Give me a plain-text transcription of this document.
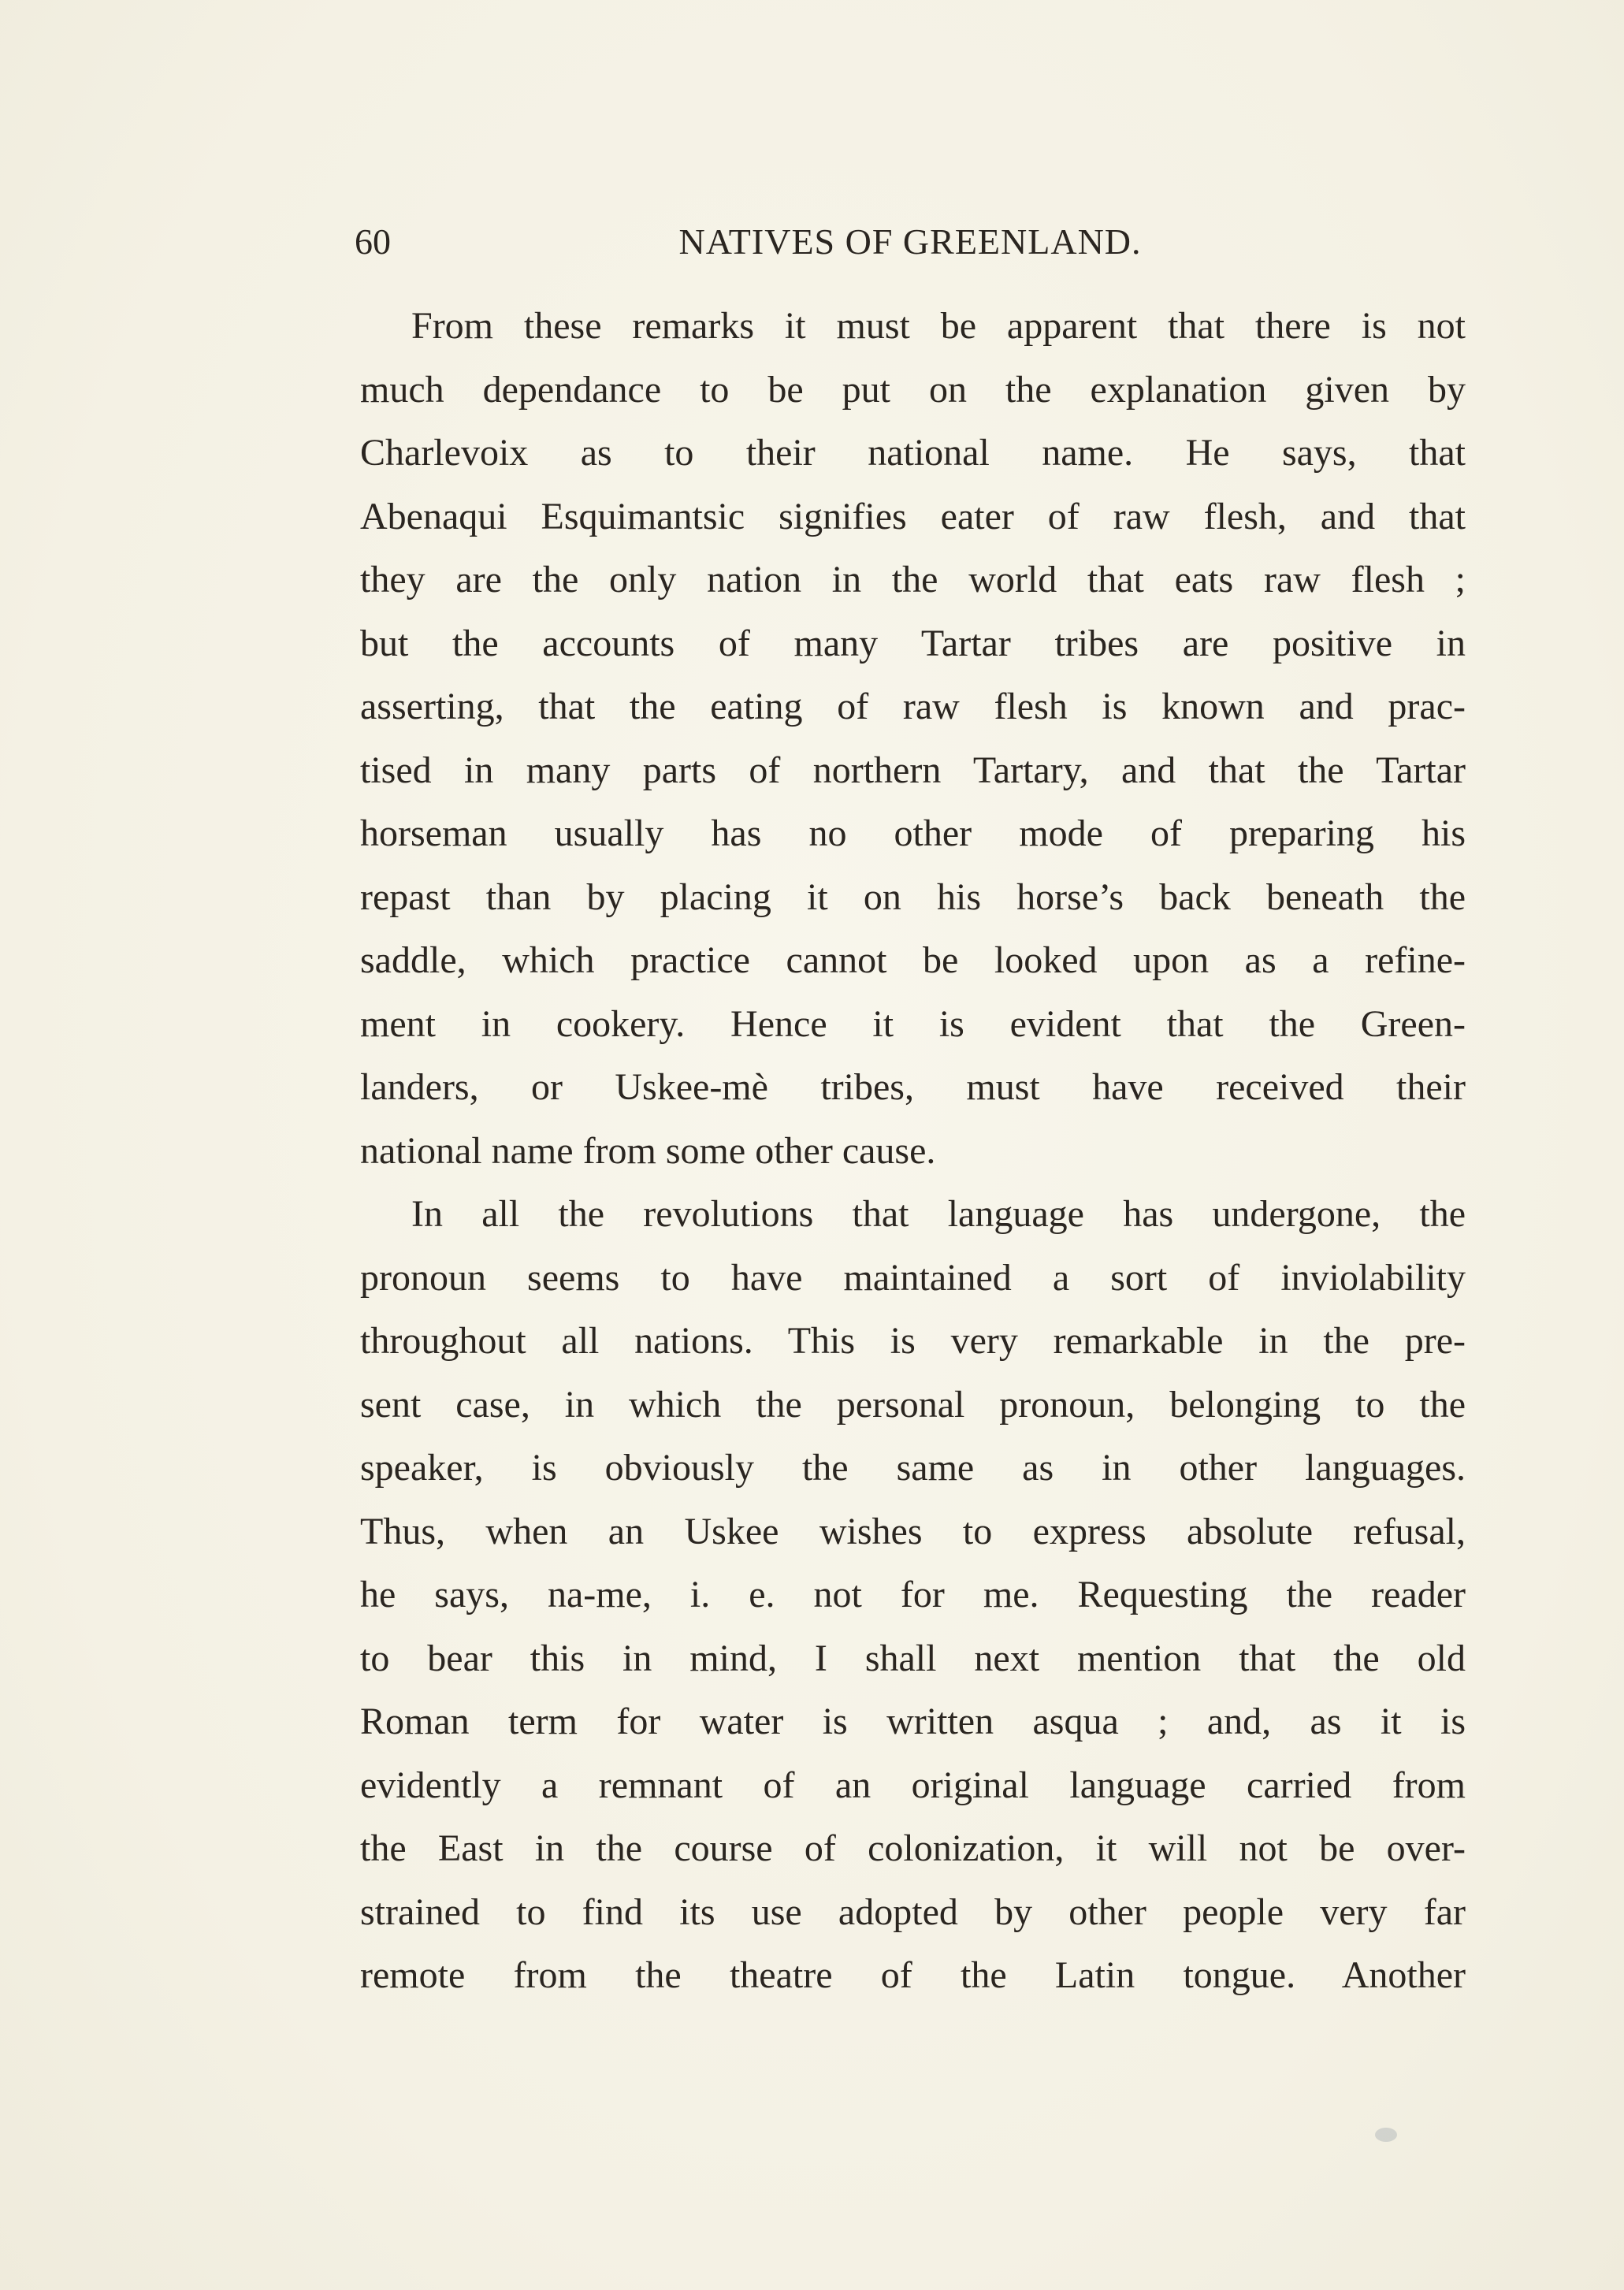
60	NATIVES OF GREENLAND.
From these remarks it must be apparent that there is not
much dependance to be put on the explanation given by
Charlevoix as to their national name. He says, that
Abenaqui Esquimantsic signifies eater of raw flesh, and that
they are the only nation in the world that eats raw flesh ;
but the accounts of many Tartar tribes are positive in
asserting, that the eating of raw flesh is known and prac-
tised in many parts of northern Tartary, and that the Tartar
horseman usually has no other mode of preparing his
repast than by placing it on his horse’s back beneath the
saddle, which practice cannot be looked upon as a refine-
ment in cookery. Hence it is evident that the Green-
landers, or Uskee-mè tribes, must have received their
national name from some other cause.
In all the revolutions that language has undergone, the
pronoun seems to have maintained a sort of inviolability
throughout all nations. This is very remarkable in the pre-
sent case, in which the personal pronoun, belonging to the
speaker, is obviously the same as in other languages.
Thus, when an Uskee wishes to express absolute refusal,
he says, na-me, i. e. not for me. Requesting the reader
to bear this in mind, I shall next mention that the old
Roman term for water is written asqua ; and, as it is
evidently a remnant of an original language carried from
the East in the course of colonization, it will not be over-
strained to find its use adopted by other people very far
remote from the theatre of the Latin tongue. Another
